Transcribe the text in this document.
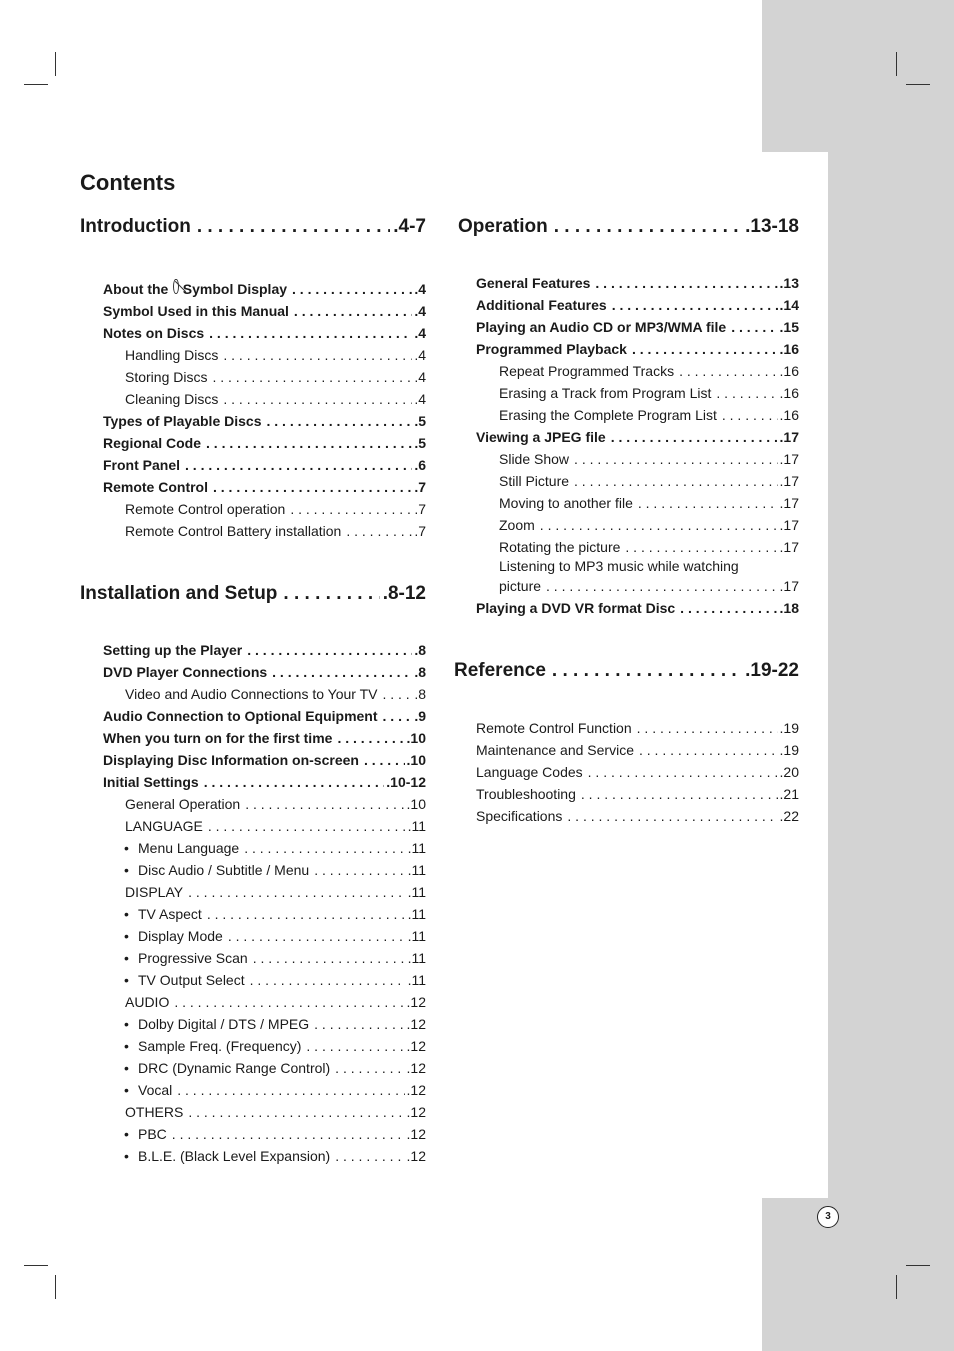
Contents
Introduction . . .	.4-7
About the Symbol Display . . .	.4
Symbol Used in this Manual . . .	.4
Notes on Discs . . .	.4
Handling Discs . . .	.4
Storing Discs . . .	.4
Cleaning Discs . . .	.4
Types of Playable Discs . . .	.5
Regional Code . . .	.5
Front Panel . . .	.6
Remote Control . . .	.7
Remote Control operation . . .	.7
Remote Control Battery installation . . .	.7
Installation and Setup . . .	.8-12
Setting up the Player . . .	.8
DVD Player Connections . . .	.8
Video and Audio Connections to Your TV . . .	.8
Audio Connection to Optional Equipment . . .	.9
When you turn on for the first time . . .	.10
Displaying Disc Information on-screen . . .	.10
Initial Settings . . .	.10-12
General Operation . . .	.10
LANGUAGE . . .	.11
• Menu Language . . .	.11
• Disc Audio / Subtitle / Menu . . .	.11
DISPLAY . . .	.11
• TV Aspect . . .	.11
• Display Mode . . .	.11
• Progressive Scan . . .	.11
• TV Output Select . . .	.11
AUDIO . . .	.12
• Dolby Digital / DTS / MPEG . . .	.12
• Sample Freq. (Frequency) . . .	.12
• DRC (Dynamic Range Control) . . .	.12
• Vocal . . .	.12
OTHERS . . .	.12
• PBC . . .	.12
• B.L.E. (Black Level Expansion) . . .	.12
Operation . . .	.13-18
General Features . . .	.13
Additional Features . . .	.14
Playing an Audio CD or MP3/WMA file . . .	.15
Programmed Playback . . .	.16
Repeat Programmed Tracks . . .	.16
Erasing a Track from Program List . . .	.16
Erasing the Complete Program List . . .	.16
Viewing a JPEG file . . .	.17
Slide Show . . .	.17
Still Picture . . .	.17
Moving to another file . . .	.17
Zoom . . .	.17
Rotating the picture . . .	.17
Listening to MP3 music while watching
picture . . .	.17
Playing a DVD VR format Disc . . .	.18
Reference . . .	.19-22
Remote Control Function . . .	.19
Maintenance and Service . . .	.19
Language Codes . . .	.20
Troubleshooting . . .	.21
Specifications . . .	.22
3
